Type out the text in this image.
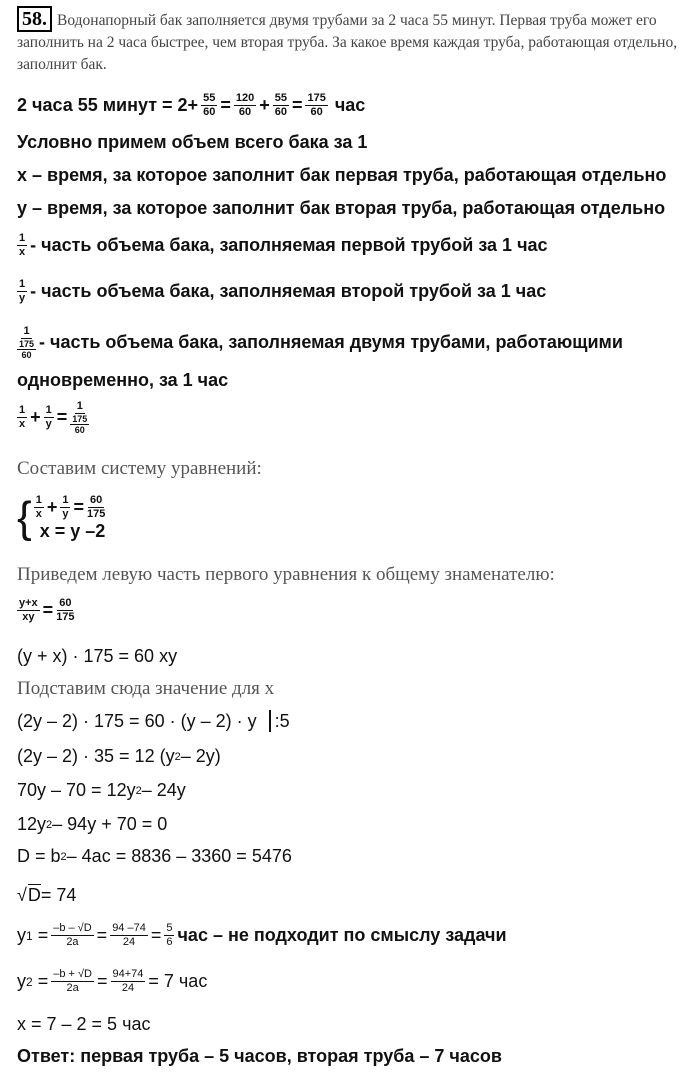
58. Водонапорный бак заполняется двумя трубами за 2 часа 55 минут. Первая труба может его заполнить на 2 часа быстрее, чем вторая труба. За какое время каждая труба, работающая отдельно, заполнит бак.
2 часа 55 минут = $2+ \frac{55}{60} = \frac{120}{60} + \frac{55}{60} = \frac{175}{60}$ час
Условно примем объем всего бака за 1
x – время, за которое заполнит бак первая труба, работающая отдельно
y – время, за которое заполнит бак вторая труба, работающая отдельно
$\frac{1}{x}$ - часть объема бака, заполняемая первой трубой за 1 час
$\frac{1}{y}$ - часть объема бака, заполняемая второй трубой за 1 час
1
$\frac{175}{60}$ - часть объема бака, заполняемая двумя трубами, работающими
одновременно, за 1 час
$\frac{1}{x} + \frac{1}{y}$ =
1
$\frac{175}{60}$
Составим систему уравнений:
{ $\frac{1}{x} + \frac{1}{y} = \frac{60}{175}$
x = y –2
Приведем левую часть первого уравнения к общему знаменателю:
$\frac{y+x}{xy} = \frac{60}{175}$
(y + x) · 175 = 60 xy
Подставим сюда значение для x
(2y – 2) · 175 = 60 · (y – 2) · y :5
(2y – 2) · 35 = 12 (y 2 – 2y)
70y – 70 = 12y 2 – 24y
12y 2 – 94y + 70 = 0
D = b 2 – 4ac = 8836 – 3360 = 5476
√ D = 74
y 1
= $\frac{-b - √D}{2a} = \frac{94 -74}{24} = \frac{5}{6}$ час – не подходит по смыслу задачи
y 2
= $\frac{-b + √D}{2a} = \frac{94+74}{24} = 7$ час
x = 7 – 2 = 5 час
Ответ: первая труба – 5 часов, вторая труба – 7 часов
